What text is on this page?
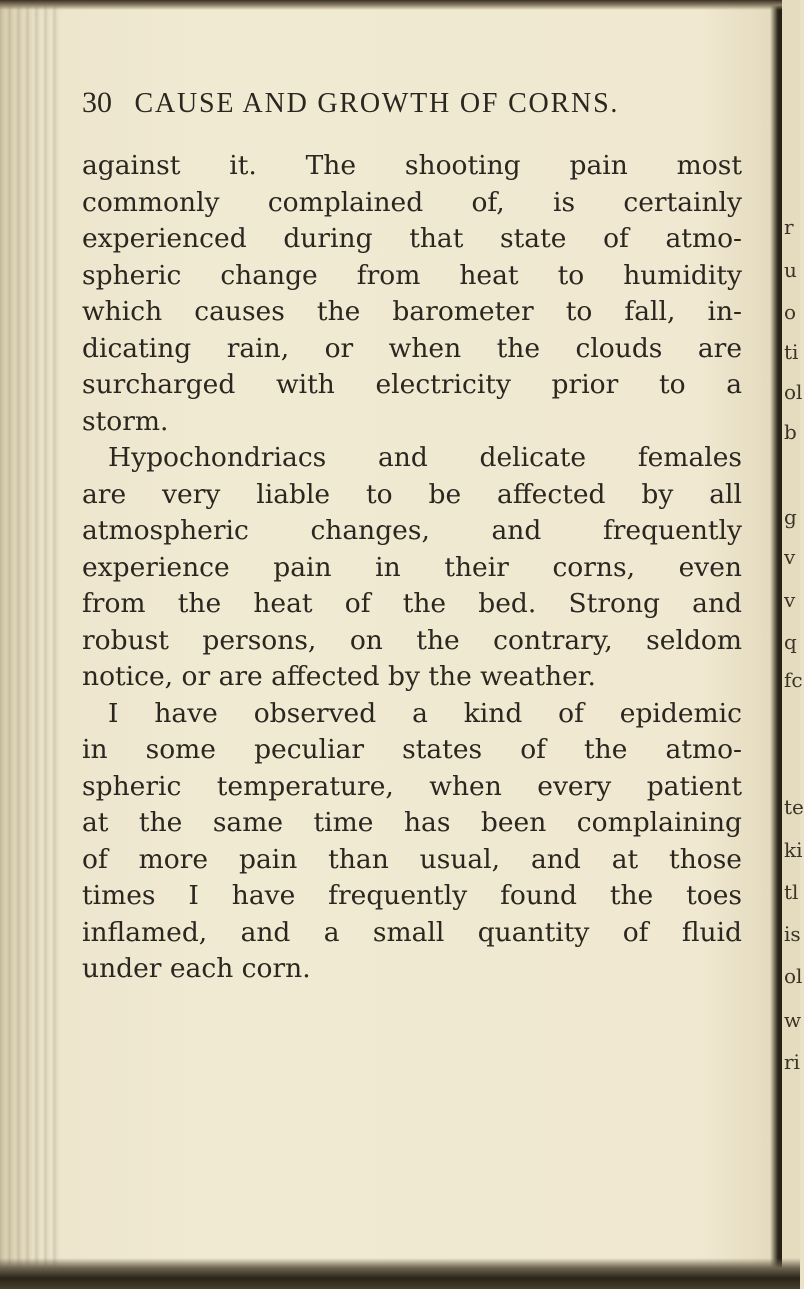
30 CAUSE AND GROWTH OF CORNS.
against it. The shooting pain most
commonly complained of, is certainly
experienced during that state of atmo-
spheric change from heat to humidity
which causes the barometer to fall, in-
dicating rain, or when the clouds are
surcharged with electricity prior to a
storm.
Hypochondriacs and delicate females
are very liable to be affected by all
atmospheric changes, and frequently
experience pain in their corns, even
from the heat of the bed. Strong and
robust persons, on the contrary, seldom
notice, or are affected by the weather.
I have observed a kind of epidemic
in some peculiar states of the atmo-
spheric temperature, when every patient
at the same time has been complaining
of more pain than usual, and at those
times I have frequently found the toes
inflamed, and a small quantity of fluid
under each corn.
r
u
o
ti
ol
b
g
v
v
q
fc
te
ki
tl
is
ol
w
ri
